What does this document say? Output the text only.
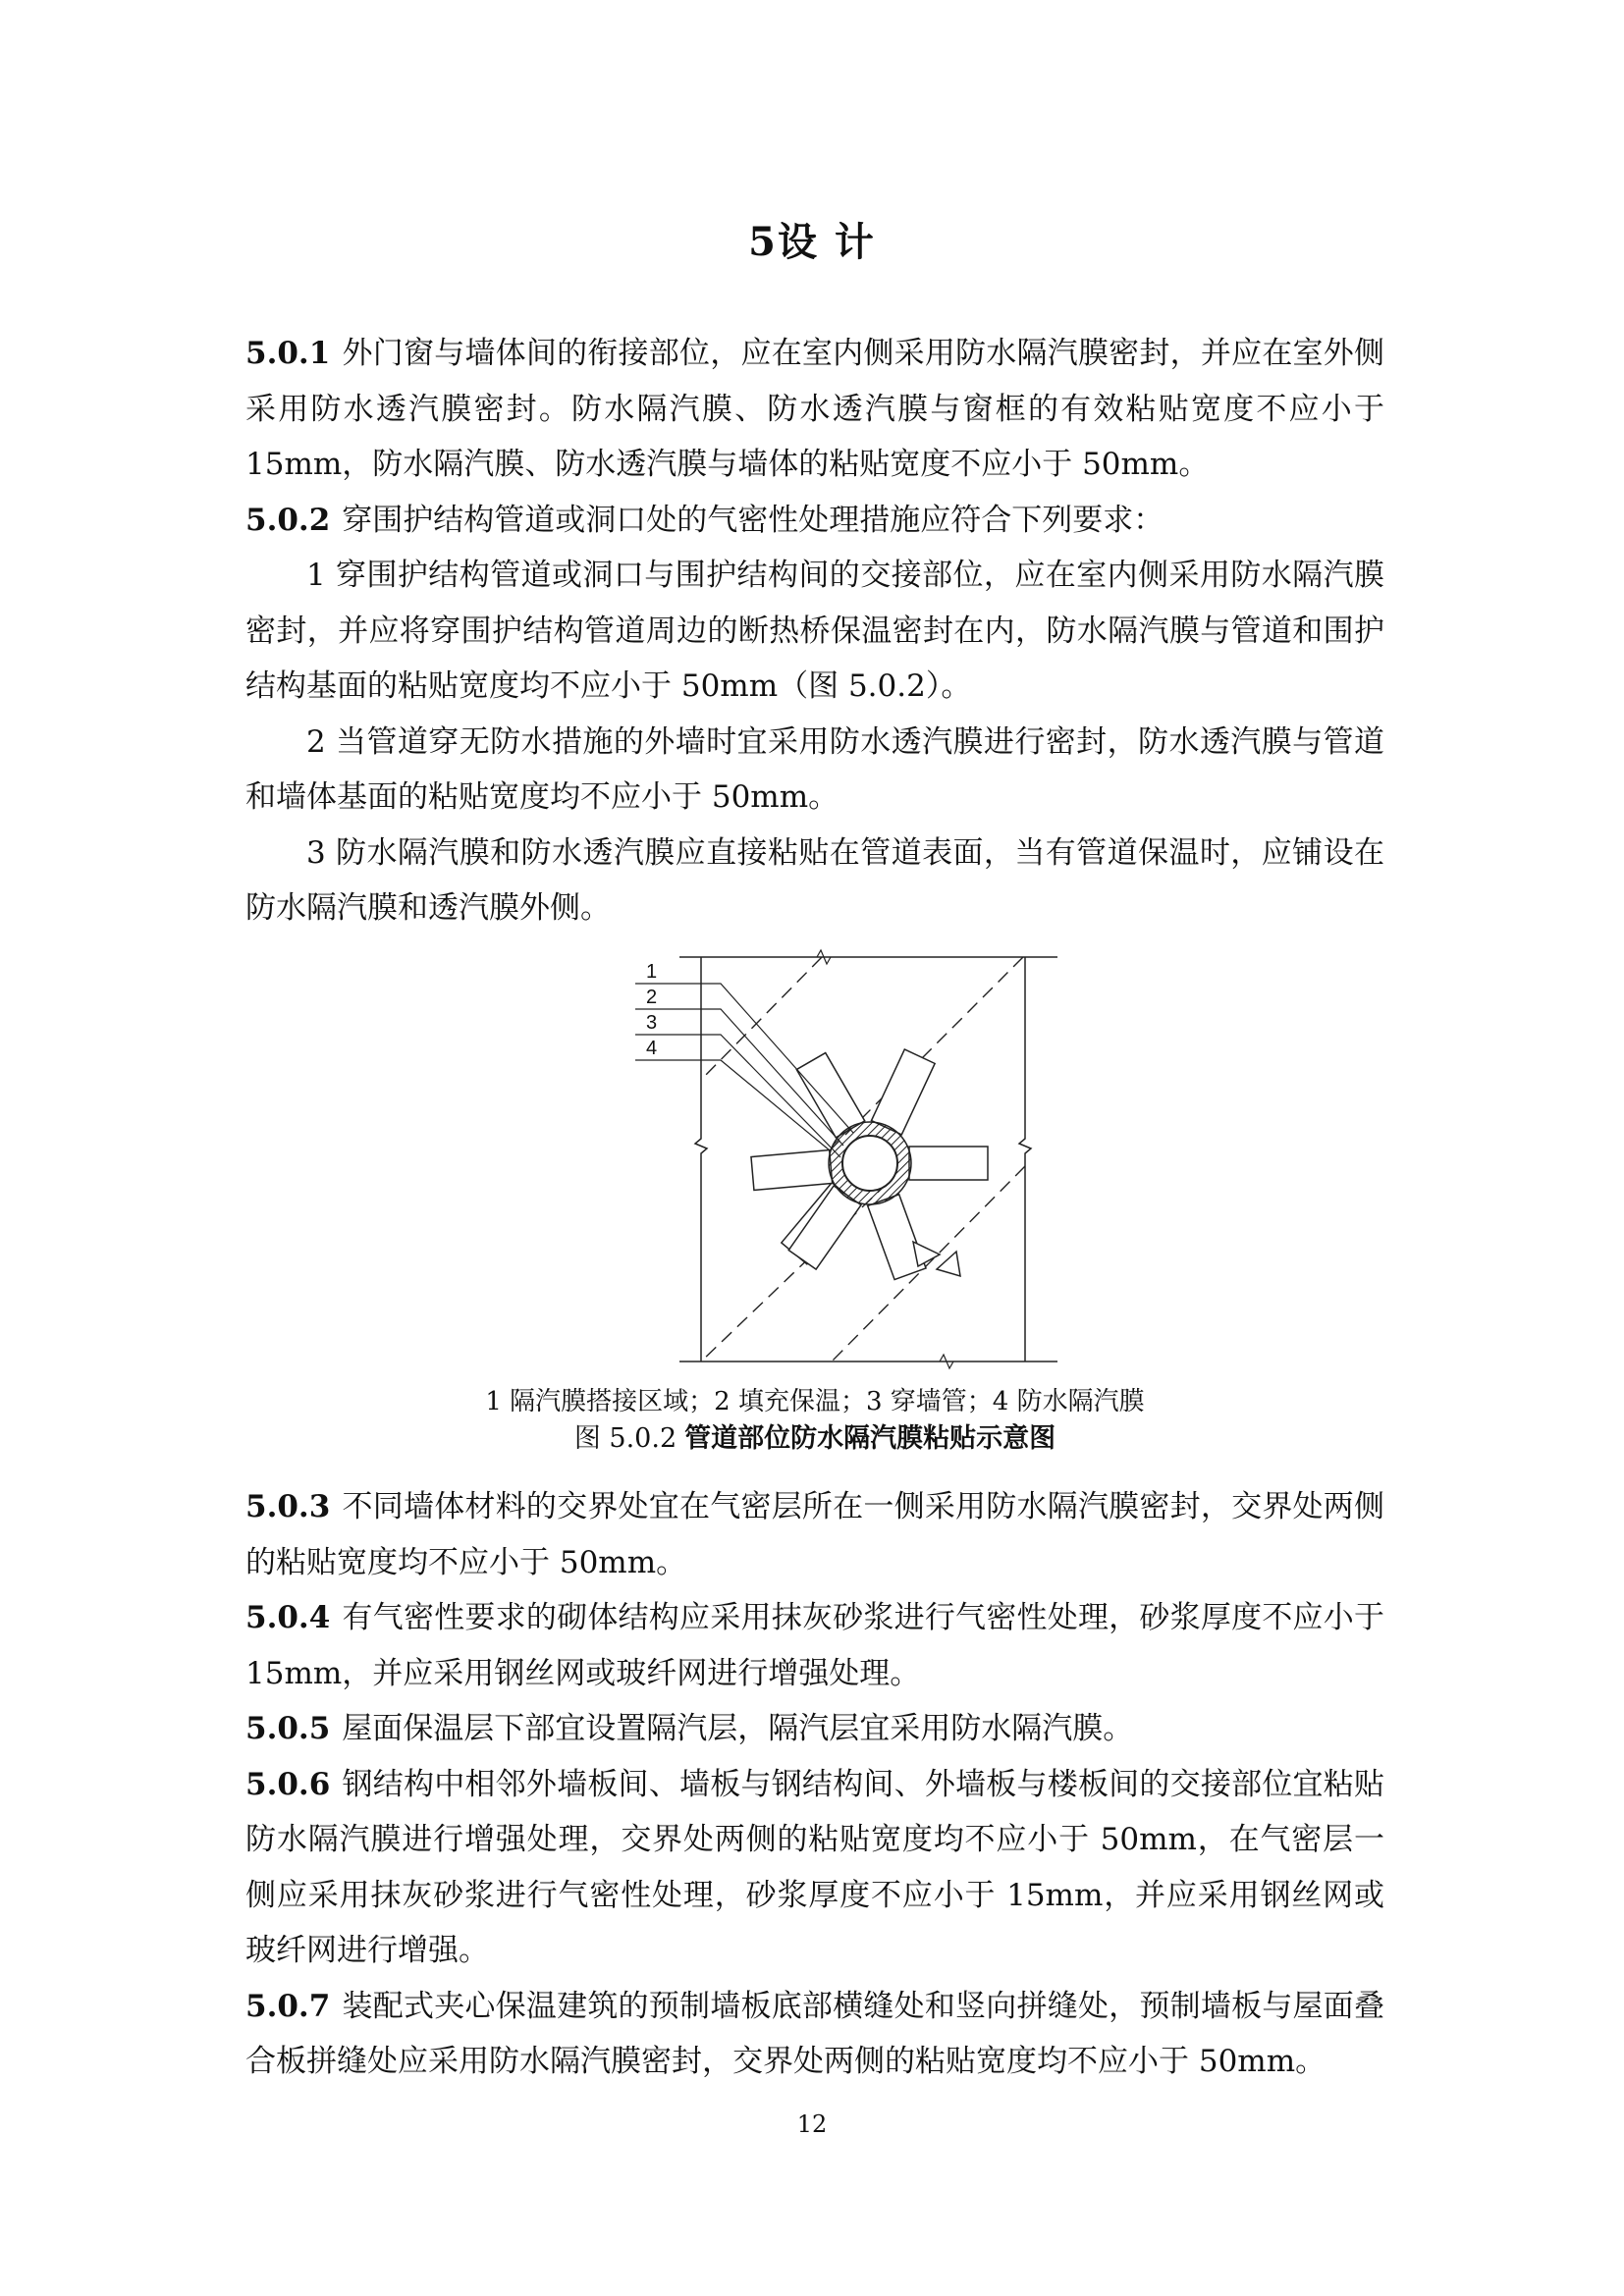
5设 计

5.0.1 外门窗与墙体间的衔接部位，应在室内侧采用防水隔汽膜密封，并应在室外侧采用防水透汽膜密封。防水隔汽膜、防水透汽膜与窗框的有效粘贴宽度不应小于 15mm，防水隔汽膜、防水透汽膜与墙体的粘贴宽度不应小于 50mm。

5.0.2 穿围护结构管道或洞口处的气密性处理措施应符合下列要求：

1 穿围护结构管道或洞口与围护结构间的交接部位，应在室内侧采用防水隔汽膜密封，并应将穿围护结构管道周边的断热桥保温密封在内，防水隔汽膜与管道和围护结构基面的粘贴宽度均不应小于 50mm（图 5.0.2）。

2 当管道穿无防水措施的外墙时宜采用防水透汽膜进行密封，防水透汽膜与管道和墙体基面的粘贴宽度均不应小于 50mm。

3 防水隔汽膜和防水透汽膜应直接粘贴在管道表面，当有管道保温时，应铺设在防水隔汽膜和透汽膜外侧。

1
2
3
4
1 隔汽膜搭接区域；2 填充保温；3 穿墙管；4 防水隔汽膜
图 5.0.2 管道部位防水隔汽膜粘贴示意图

5.0.3 不同墙体材料的交界处宜在气密层所在一侧采用防水隔汽膜密封，交界处两侧的粘贴宽度均不应小于 50mm。

5.0.4 有气密性要求的砌体结构应采用抹灰砂浆进行气密性处理，砂浆厚度不应小于 15mm，并应采用钢丝网或玻纤网进行增强处理。

5.0.5 屋面保温层下部宜设置隔汽层，隔汽层宜采用防水隔汽膜。

5.0.6 钢结构中相邻外墙板间、墙板与钢结构间、外墙板与楼板间的交接部位宜粘贴防水隔汽膜进行增强处理，交界处两侧的粘贴宽度均不应小于 50mm，在气密层一侧应采用抹灰砂浆进行气密性处理，砂浆厚度不应小于 15mm，并应采用钢丝网或玻纤网进行增强。

5.0.7 装配式夹心保温建筑的预制墙板底部横缝处和竖向拼缝处，预制墙板与屋面叠合板拼缝处应采用防水隔汽膜密封，交界处两侧的粘贴宽度均不应小于 50mm。

12
